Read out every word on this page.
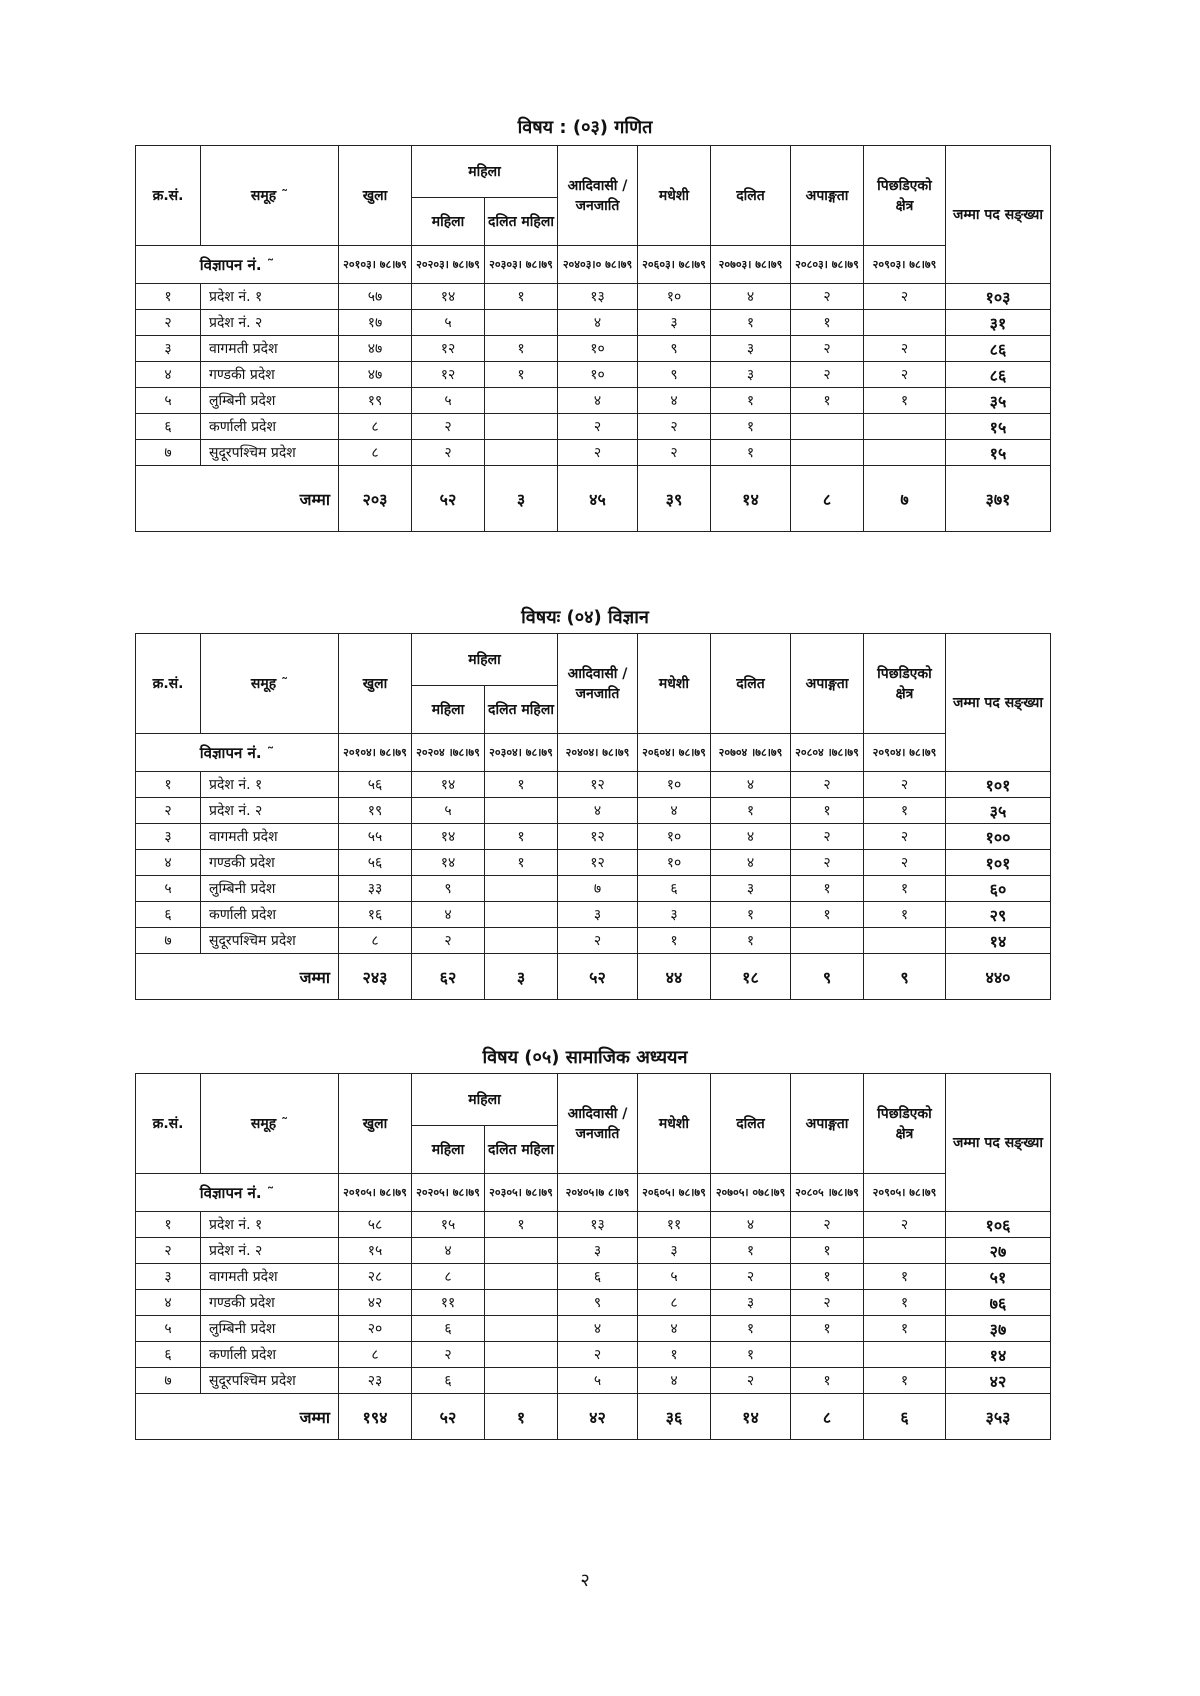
विषय : (०३) गणित
क्र.सं.	समूह ˜	खुला	महिला		आदिवासी / जनजाति	मधेशी	दलित	अपाङ्गता	पिछडिएको क्षेत्र	जम्मा पद सङ्ख्या
			महिला	दलित महिला						
विज्ञापन नं. ˜		२०१०३। ७८।७९	२०२०३। ७८।७९	२०३०३। ७८।७९	२०४०३।० ७८।७९	२०६०३। ७८।७९	२०७०३। ७८।७९	२०८०३। ७८।७९	२०९०३। ७८।७९	
१	प्रदेश नं. १	५७	१४	१	१३	१०	४	२	२	१०३
२	प्रदेश नं. २	१७	५		४	३	१	१		३१
३	वागमती प्रदेश	४७	१२	१	१०	९	३	२	२	८६
४	गण्डकी प्रदेश	४७	१२	१	१०	९	३	२	२	८६
५	लुम्बिनी प्रदेश	१९	५		४	४	१	१	१	३५
६	कर्णाली प्रदेश	८	२		२	२	१			१५
७	सुदूरपश्चिम प्रदेश	८	२		२	२	१			१५
जम्मा		२०३	५२	३	४५	३९	१४	८	७	३७१
विषयः (०४) विज्ञान
क्र.सं.	समूह ˜	खुला	महिला		आदिवासी / जनजाति	मधेशी	दलित	अपाङ्गता	पिछडिएको क्षेत्र	जम्मा पद सङ्ख्या
			महिला	दलित महिला						
विज्ञापन नं. ˜		२०१०४। ७८।७९	२०२०४ ।७८।७९	२०३०४। ७८।७९	२०४०४। ७८।७९	२०६०४। ७८।७९	२०७०४ ।७८।७९	२०८०४ ।७८।७९	२०९०४। ७८।७९	
१	प्रदेश नं. १	५६	१४	१	१२	१०	४	२	२	१०१
२	प्रदेश नं. २	१९	५		४	४	१	१	१	३५
३	वागमती प्रदेश	५५	१४	१	१२	१०	४	२	२	१००
४	गण्डकी प्रदेश	५६	१४	१	१२	१०	४	२	२	१०१
५	लुम्बिनी प्रदेश	३३	९		७	६	३	१	१	६०
६	कर्णाली प्रदेश	१६	४		३	३	१	१	१	२९
७	सुदूरपश्चिम प्रदेश	८	२		२	१	१			१४
जम्मा		२४३	६२	३	५२	४४	१८	९	९	४४०
विषय (०५) सामाजिक अध्ययन
क्र.सं.	समूह ˜	खुला	महिला		आदिवासी / जनजाति	मधेशी	दलित	अपाङ्गता	पिछडिएको क्षेत्र	जम्मा पद सङ्ख्या
			महिला	दलित महिला						
विज्ञापन नं. ˜		२०१०५। ७८।७९	२०२०५। ७८।७९	२०३०५। ७८।७९	२०४०५।७ ८।७९	२०६०५। ७८।७९	२०७०५। ०७८।७९	२०८०५ ।७८।७९	२०९०५। ७८।७९	
१	प्रदेश नं. १	५८	१५	१	१३	११	४	२	२	१०६
२	प्रदेश नं. २	१५	४		३	३	१	१		२७
३	वागमती प्रदेश	२८	८		६	५	२	१	१	५१
४	गण्डकी प्रदेश	४२	११		९	८	३	२	१	७६
५	लुम्बिनी प्रदेश	२०	६		४	४	१	१	१	३७
६	कर्णाली प्रदेश	८	२		२	१	१			१४
७	सुदूरपश्चिम प्रदेश	२३	६		५	४	२	१	१	४२
जम्मा		१९४	५२	१	४२	३६	१४	८	६	३५३
२
